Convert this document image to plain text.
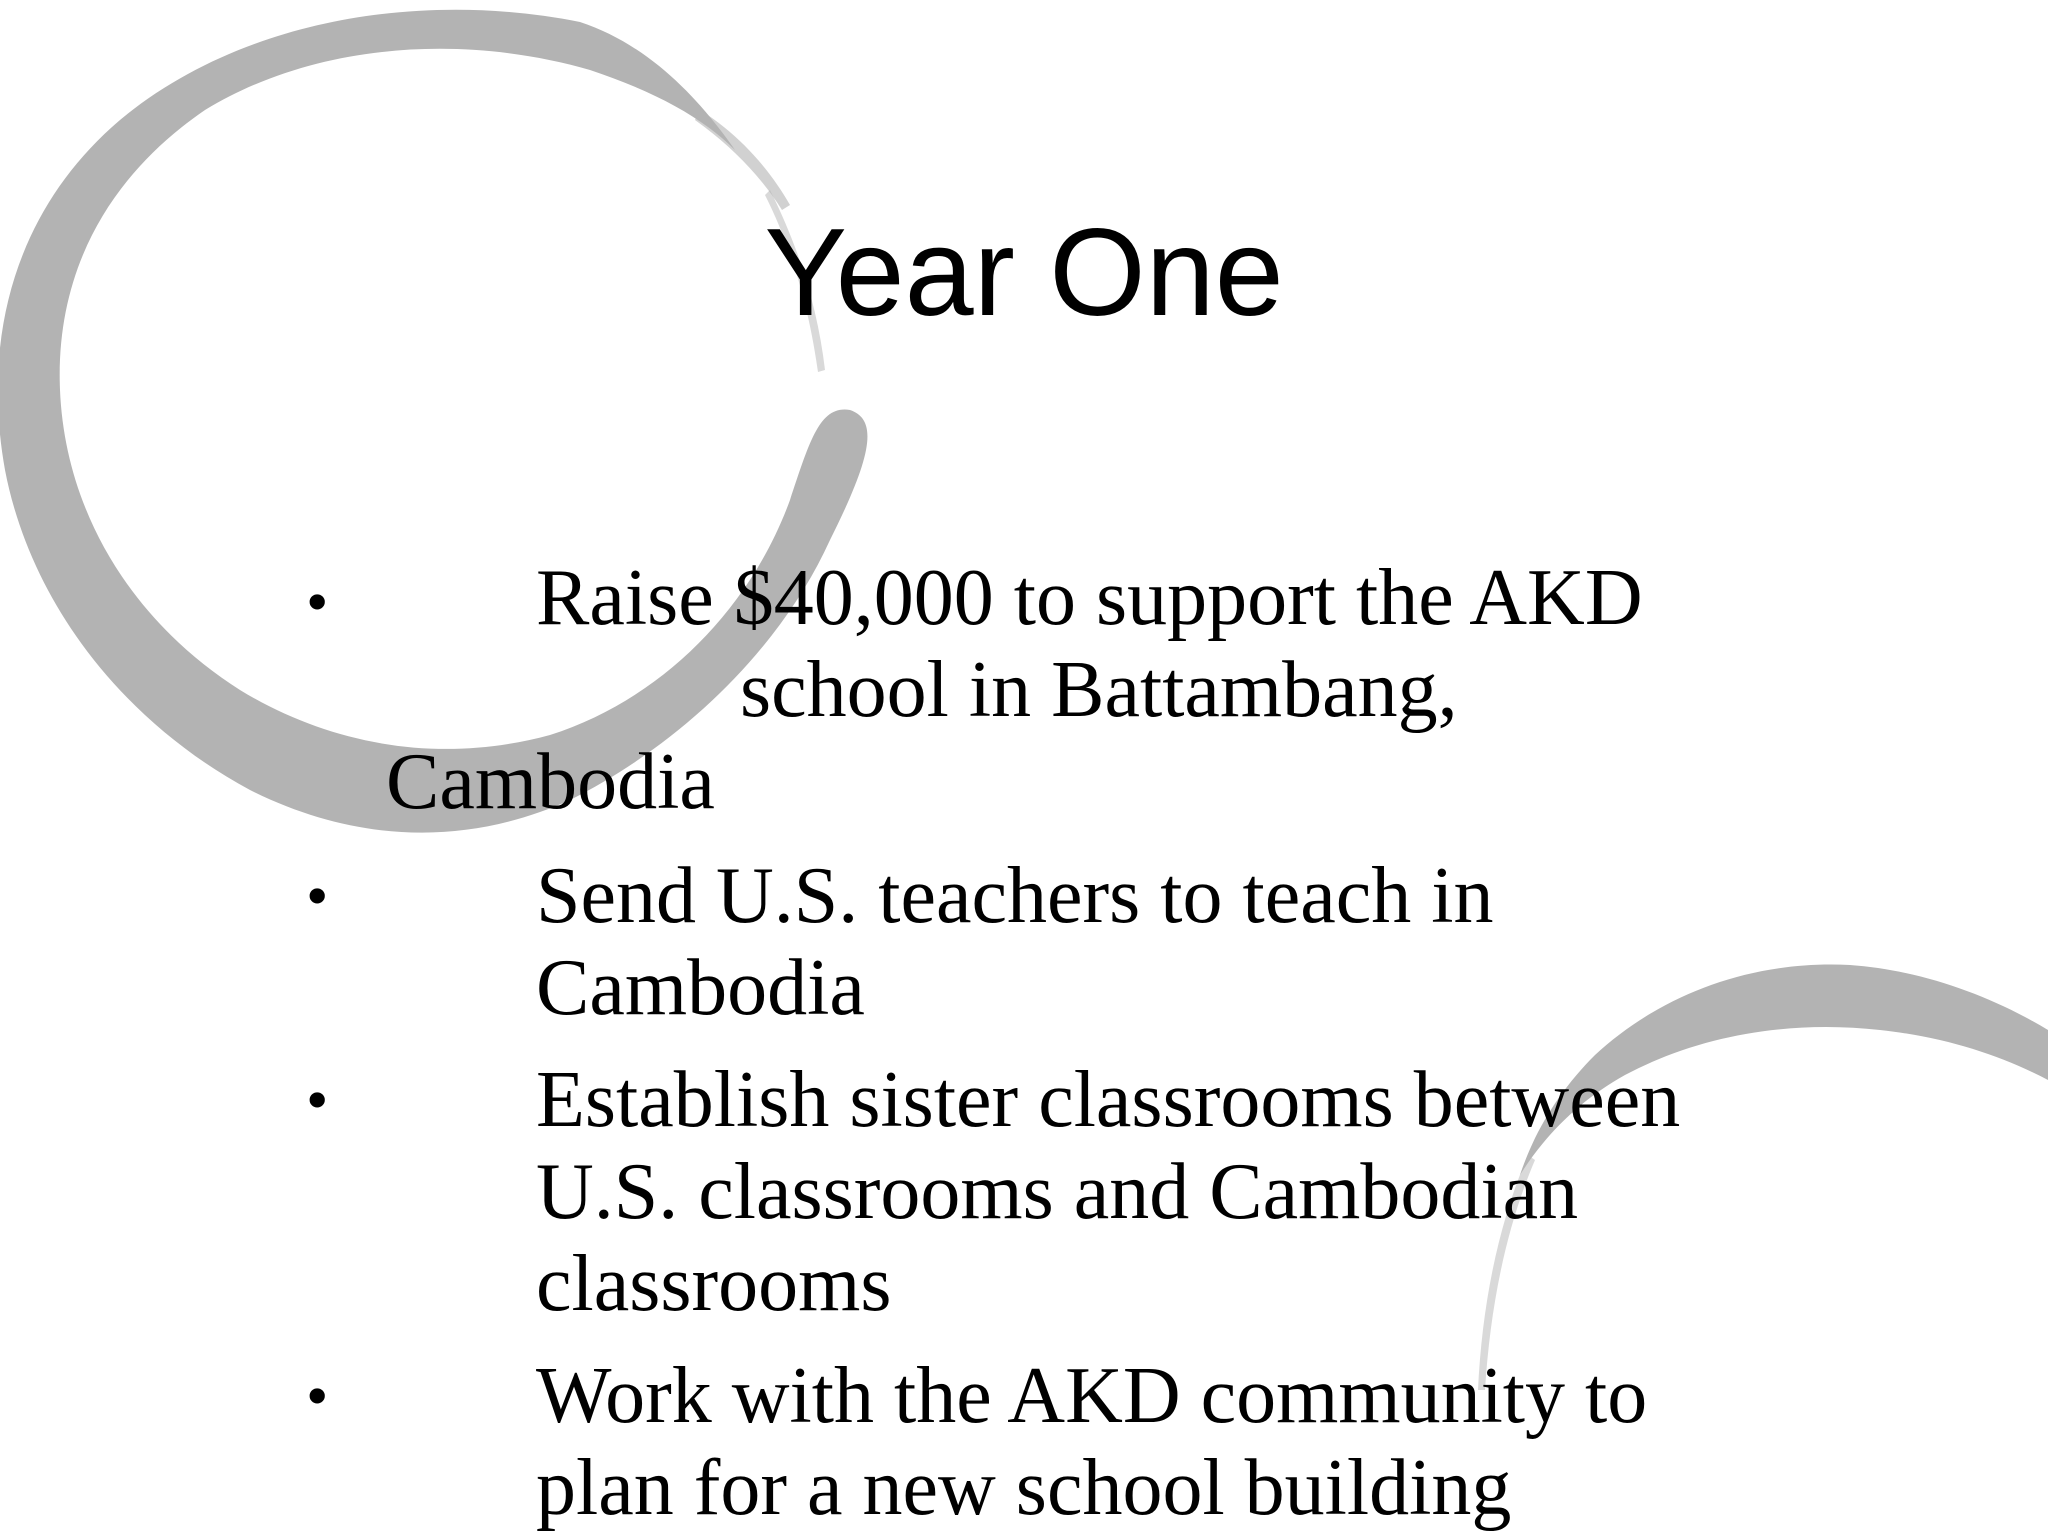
Year One
•	Raise $40,000 to support the AKD
school in Battambang,
Cambodia
•	Send U.S. teachers to teach in
Cambodia
•	Establish sister classrooms between
U.S. classrooms and Cambodian
classrooms
•	Work with the AKD community to
plan for a new school building
